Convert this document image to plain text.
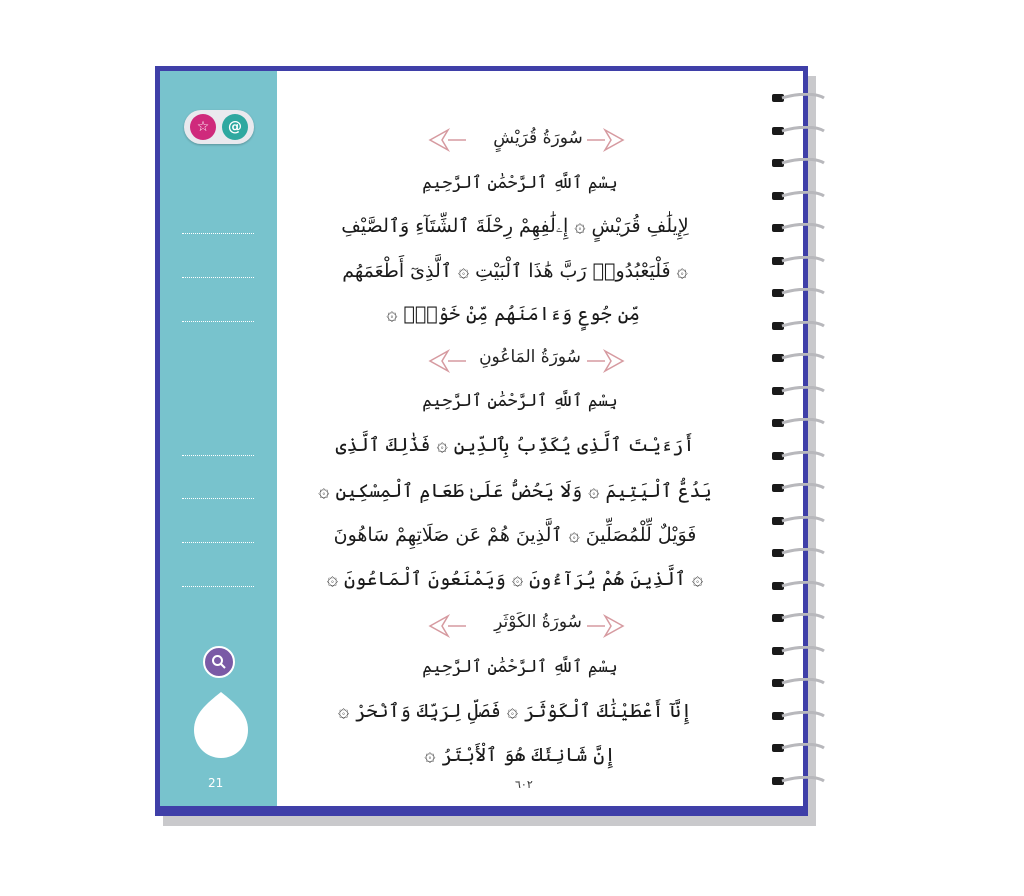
☆	@
21
سُورَةُ قُرَيْشٍ
بِسْمِ ٱللَّهِ ٱلرَّحْمَٰنِ ٱلرَّحِيمِ
لِإِيلَٰفِ قُرَيْشٍ ۞ إِۦلَٰفِهِمْ رِحْلَةَ ٱلشِّتَآءِ وَٱلصَّيْفِ
۞ فَلْيَعْبُدُوا۟ رَبَّ هَٰذَا ٱلْبَيْتِ ۞ ٱلَّذِىٓ أَطْعَمَهُم
مِّن جُوعٍ وَءَامَنَهُم مِّنْ خَوْفٍۭ ۞
سُورَةُ المَاعُونِ
بِسْمِ ٱللَّهِ ٱلرَّحْمَٰنِ ٱلرَّحِيمِ
أَرَءَيْتَ ٱلَّذِى يُكَذِّبُ بِٱلدِّينِ ۞ فَذَٰلِكَ ٱلَّذِى
يَدُعُّ ٱلْيَتِيمَ ۞ وَلَا يَحُضُّ عَلَىٰ طَعَامِ ٱلْمِسْكِينِ ۞
فَوَيْلٌ لِّلْمُصَلِّينَ ۞ ٱلَّذِينَ هُمْ عَن صَلَاتِهِمْ سَاهُونَ
۞ ٱلَّذِينَ هُمْ يُرَآءُونَ ۞ وَيَمْنَعُونَ ٱلْمَاعُونَ ۞
سُورَةُ الكَوْثَرِ
بِسْمِ ٱللَّهِ ٱلرَّحْمَٰنِ ٱلرَّحِيمِ
إِنَّآ أَعْطَيْنَٰكَ ٱلْكَوْثَرَ ۞ فَصَلِّ لِرَبِّكَ وَٱنْحَرْ ۞
إِنَّ شَانِئَكَ هُوَ ٱلْأَبْتَرُ ۞
٦٠٢
